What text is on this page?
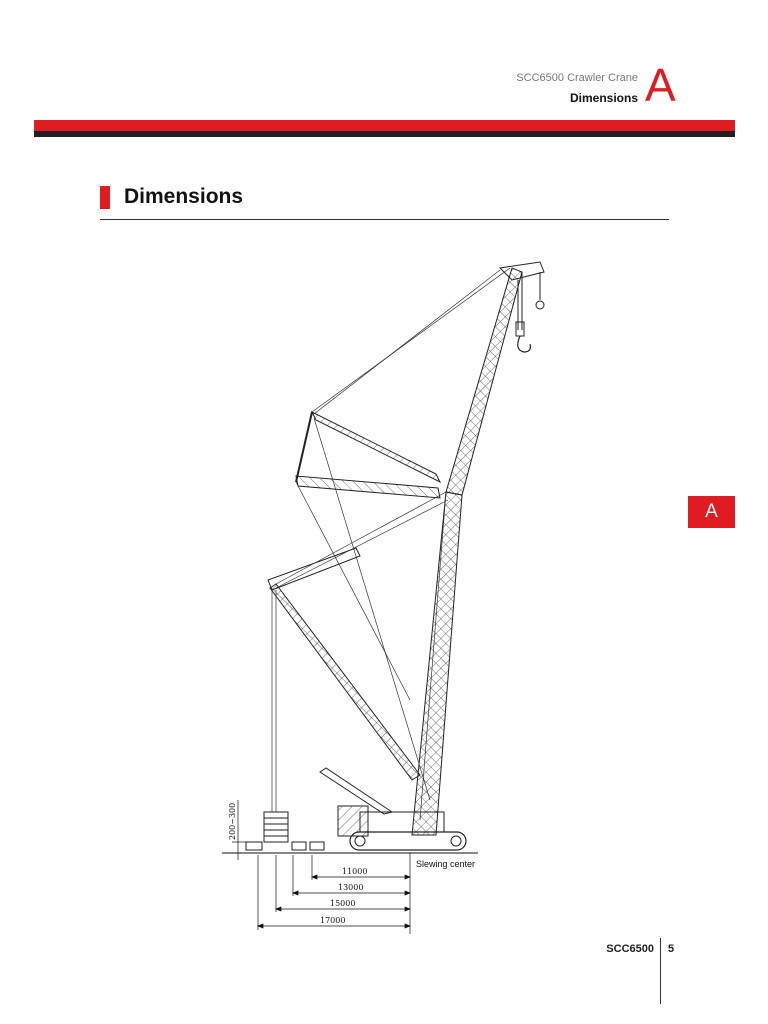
SCC6500 Crawler Crane
Dimensions A
A
Dimensions
200~300
Slewing center
11000
13000
15000
17000
SCC6500 5
